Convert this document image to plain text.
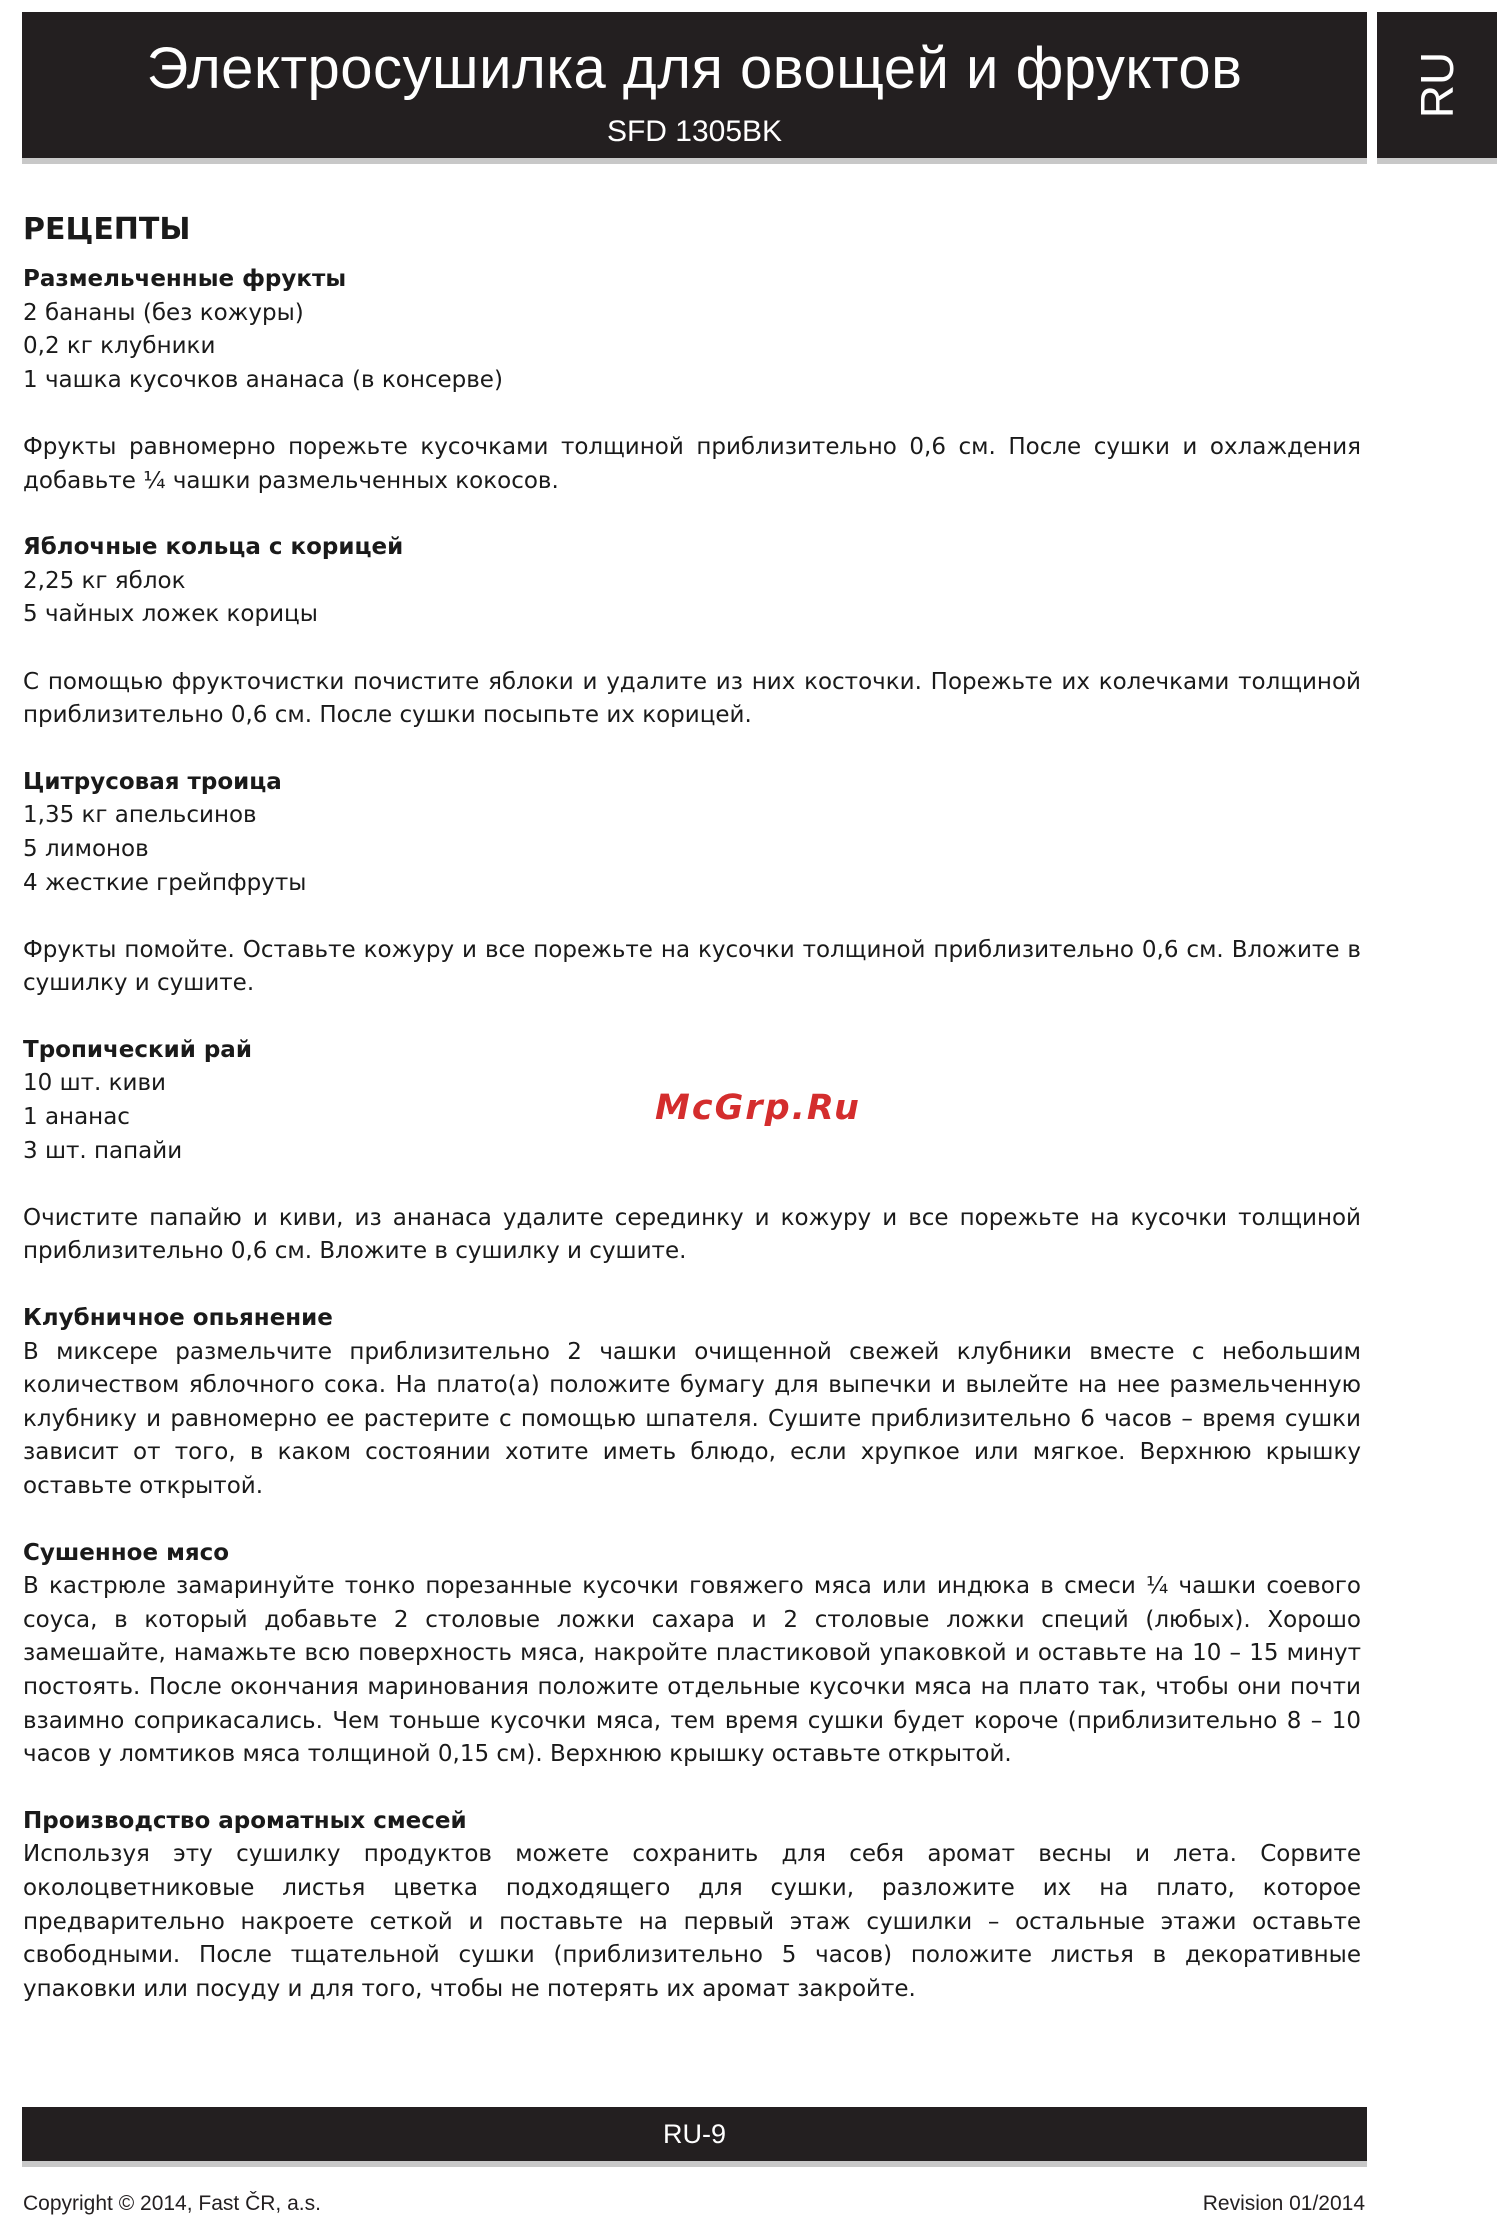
Электросушилка для овощей и фруктов
SFD 1305BK
RU
РЕЦЕПТЫ
Размельченные фрукты
2 бананы (без кожуры)
0,2 кг клубники
1 чашка кусочков ананаса (в консерве)
Фрукты равномерно порежьте кусочками толщиной приблизительно 0,6 см. После сушки и охлаждения добавьте ¼ чашки размельченных кокосов.
Яблочные кольца с корицей
2,25 кг яблок
5 чайных ложек корицы
С помощью фрукточистки почистите яблоки и удалите из них косточки. Порежьте их колечками толщиной приблизительно 0,6 см. После сушки посыпьте их корицей.
Цитрусовая троица
1,35 кг апельсинов
5 лимонов
4 жесткие грейпфруты
Фрукты помойте. Оставьте кожуру и все порежьте на кусочки толщиной приблизительно 0,6 см. Вложите в сушилку и сушите.
Тропический рай
10 шт. киви
1 ананас
3 шт. папайи
Очистите папайю и киви, из ананаса удалите серединку и кожуру и все порежьте на кусочки толщиной приблизительно 0,6 см. Вложите в сушилку и сушите.
Клубничное опьянение
В миксере размельчите приблизительно 2 чашки очищенной свежей клубники вместе с небольшим количеством яблочного сока. На плато(а) положите бумагу для выпечки и вылейте на нее размельченную клубнику и равномерно ее растерите с помощью шпателя. Сушите приблизительно 6 часов – время сушки зависит от того, в каком состоянии хотите иметь блюдо, если хрупкое или мягкое. Верхнюю крышку оставьте открытой.
Сушенное мясо
В кастрюле замаринуйте тонко порезанные кусочки говяжего мяса или индюка в смеси ¼ чашки соевого соуса, в который добавьте 2 столовые ложки сахара и 2 столовые ложки специй (любых). Хорошо замешайте, намажьте всю поверхность мяса, накройте пластиковой упаковкой и оставьте на 10 – 15 минут постоять. После окончания маринования положите отдельные кусочки мяса на плато так, чтобы они почти взаимно соприкасались. Чем тоньше кусочки мяса, тем время сушки будет короче (приблизительно 8 – 10 часов у ломтиков мяса толщиной 0,15 см). Верхнюю крышку оставьте открытой.
Производство ароматных смесей
Используя эту сушилку продуктов можете сохранить для себя аромат весны и лета. Сорвите околоцветниковые листья цветка подходящего для сушки, разложите их на плато, которое предварительно накроете сеткой и поставьте на первый этаж сушилки – остальные этажи оставьте свободными. После тщательной сушки (приблизительно 5 часов) положите листья в декоративные упаковки или посуду и для того, чтобы не потерять их аромат закройте.
McGrp.Ru
RU-9
Copyright © 2014, Fast ČR, a.s.	Revision 01/2014
